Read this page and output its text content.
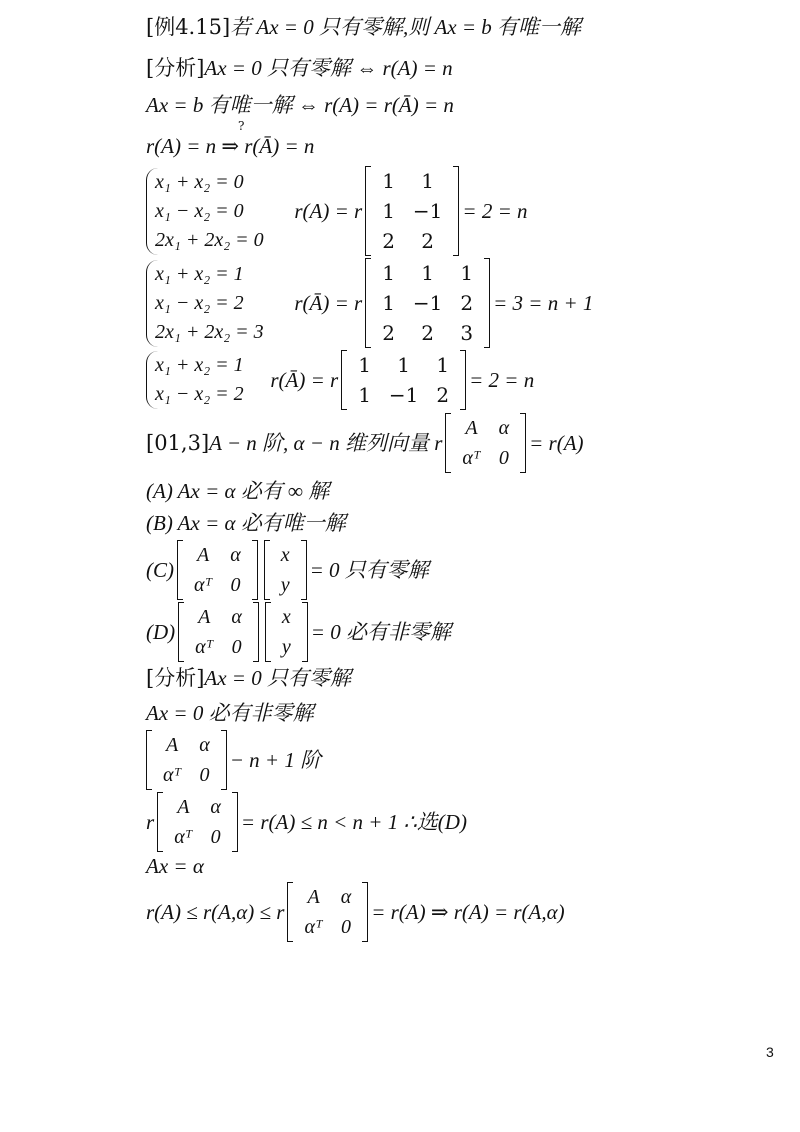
[例4.15]若 Ax = 0 只有零解,则 Ax = b 有唯一解
[分析]Ax = 0 只有零解 ⇔ r(A) = n
Ax = b 有唯一解 ⇔ r(A) = r(Ā) = n
?
r(A) = n ⇒ r(Ā) = n
x₁ + x₂ = 0
x₁ − x₂ = 0
2x₁ + 2x₂ = 0
r(A) = r
1	1
1	−1
2	2
= 2 = n
x₁ + x₂ = 1
x₁ − x₂ = 2
2x₁ + 2x₂ = 3
r(Ā) = r
1	1	1
1	−1	2
2	2	3
= 3 = n + 1
x₁ + x₂ = 1
x₁ − x₂ = 2
r(Ā) = r
1	1	1
1	−1	2
= 2 = n
[01,3]A − n 阶, α − n 维列向量 r
A	α
αᵀ	0
= r(A)
(A) Ax = α 必有 ∞ 解
(B) Ax = α 必有唯一解
(C)
A	α
αᵀ	0
x
y
= 0 只有零解
(D)
A	α
αᵀ	0
x
y
= 0 必有非零解
[分析]Ax = 0 只有零解
Ax = 0 必有非零解
A	α
αᵀ	0
− n + 1 阶
r
A	α
αᵀ	0
= r(A) ≤ n < n + 1 ∴选(D)
Ax = α
r(A) ≤ r(A,α) ≤ r
A	α
αᵀ	0
= r(A) ⇒ r(A) = r(A,α)
3
